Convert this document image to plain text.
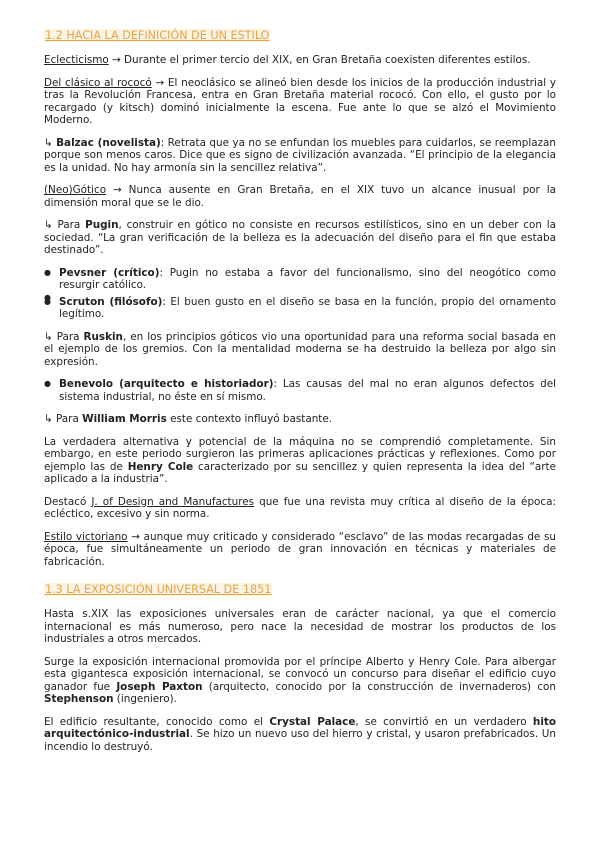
1.2 HACIA LA DEFINICIÓN DE UN ESTILO

Eclecticismo → Durante el primer tercio del XIX, en Gran Bretaña coexisten diferentes estilos.

Del clásico al rococó → El neoclásico se alineó bien desde los inicios de la producción industrial y tras la Revolución Francesa, entra en Gran Bretaña material rococó. Con ello, el gusto por lo recargado (y kitsch) dominó inicialmente la escena. Fue ante lo que se alzó el Movimiento Moderno.

↳ Balzac (novelista): Retrata que ya no se enfundan los muebles para cuidarlos, se reemplazan porque son menos caros. Dice que es signo de civilización avanzada. “El principio de la elegancia es la unidad. No hay armonía sin la sencillez relativa”.

(Neo)Gótico → Nunca ausente en Gran Bretaña, en el XIX tuvo un alcance inusual por la dimensión moral que se le dio.

↳ Para Pugin, construir en gótico no consiste en recursos estilísticos, sino en un deber con la sociedad. “La gran verificación de la belleza es la adecuación del diseño para el fin que estaba destinado”.

● Pevsner (crítico): Pugin no estaba a favor del funcionalismo, sino del neogótico como resurgir católico.
●
● Scruton (filósofo): El buen gusto en el diseño se basa en la función, propio del ornamento legítimo.

↳ Para Ruskin, en los principios góticos vio una oportunidad para una reforma social basada en el ejemplo de los gremios. Con la mentalidad moderna se ha destruido la belleza por algo sin expresión.

● Benevolo (arquitecto e historiador): Las causas del mal no eran algunos defectos del sistema industrial, no éste en sí mismo.

↳ Para William Morris este contexto influyó bastante.

La verdadera alternativa y potencial de la máquina no se comprendió completamente. Sin embargo, en este periodo surgieron las primeras aplicaciones prácticas y reflexiones. Como por ejemplo las de Henry Cole caracterizado por su sencillez y quien representa la idea del “arte aplicado a la industria”.

Destacó J. of Design and Manufactures que fue una revista muy crítica al diseño de la época: ecléctico, excesivo y sin norma.

Estilo victoriano → aunque muy criticado y considerado “esclavo” de las modas recargadas de su época, fue simultáneamente un periodo de gran innovación en técnicas y materiales de fabricación.

1.3 LA EXPOSICIÓN UNIVERSAL DE 1851

Hasta s.XIX las exposiciones universales eran de carácter nacional, ya que el comercio internacional es más numeroso, pero nace la necesidad de mostrar los productos de los industriales a otros mercados.

Surge la exposición internacional promovida por el príncipe Alberto y Henry Cole. Para albergar esta gigantesca exposición internacional, se convocó un concurso para diseñar el edificio cuyo ganador fue Joseph Paxton (arquitecto, conocido por la construcción de invernaderos) con Stephenson (ingeniero).

El edificio resultante, conocido como el Crystal Palace, se convirtió en un verdadero hito arquitectónico-industrial. Se hizo un nuevo uso del hierro y cristal, y usaron prefabricados. Un incendio lo destruyó.
